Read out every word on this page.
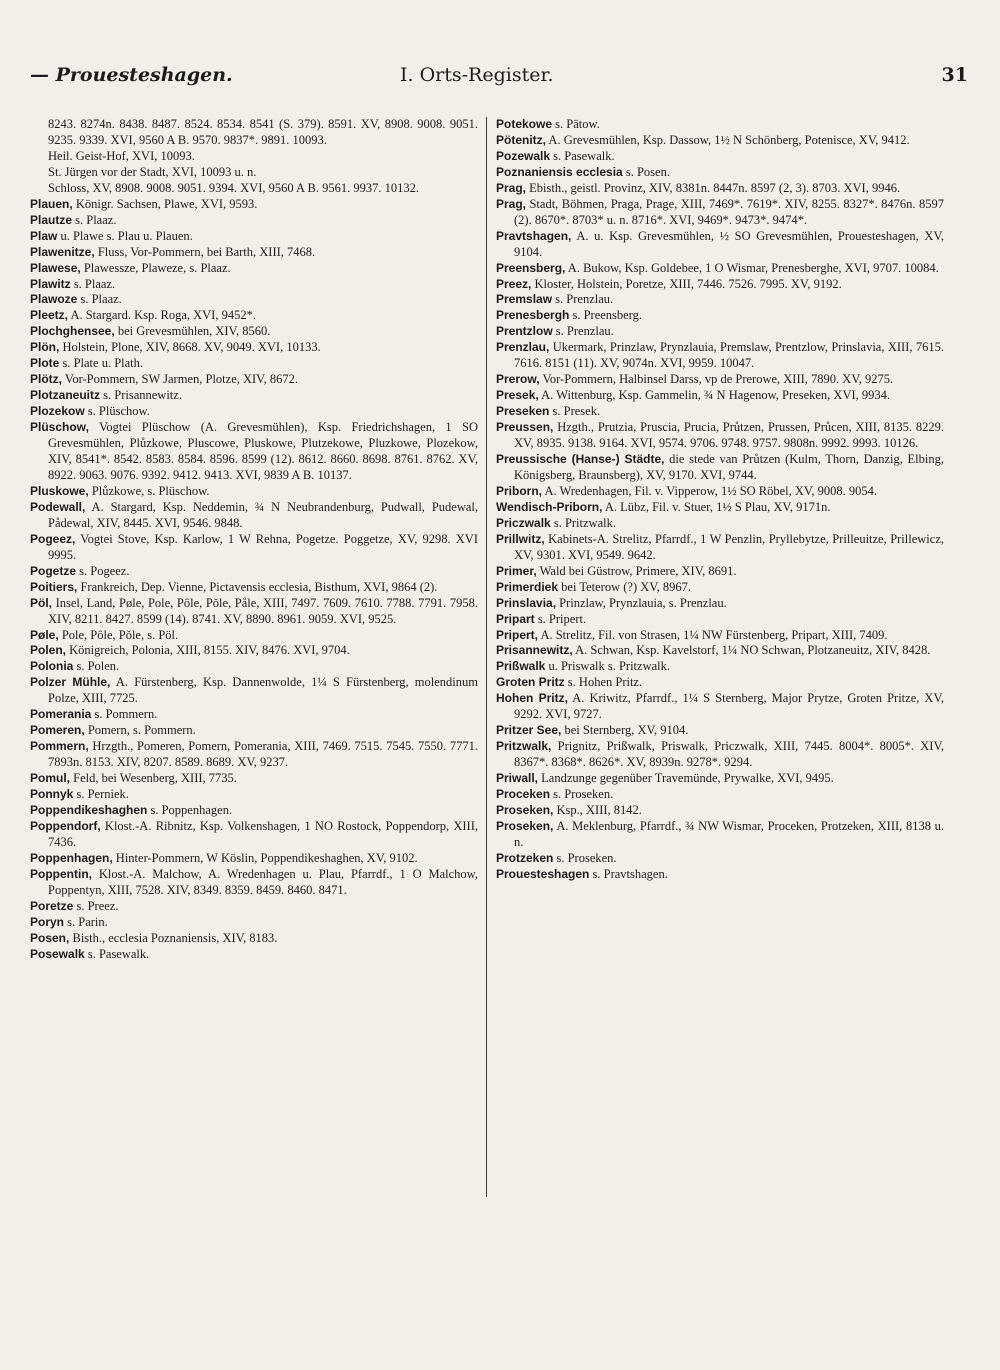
— Prouesteshagen.	I. Orts-Register.	31
8243. 8274n. 8438. 8487. 8524. 8534. 8541 (S. 379). 8591. XV, 8908. 9008. 9051. 9235. 9339. XVI, 9560 A B. 9570. 9837*. 9891. 10093.
Heil. Geist-Hof, XVI, 10093.
St. Jürgen vor der Stadt, XVI, 10093 u. n.
Schloss, XV, 8908. 9008. 9051. 9394. XVI, 9560 A B. 9561. 9937. 10132.
Plauen, Königr. Sachsen, Plawe, XVI, 9593.
Plautze s. Plaaz.
Plaw u. Plawe s. Plau u. Plauen.
Plawenitze, Fluss, Vor-Pommern, bei Barth, XIII, 7468.
Plawese, Plawessze, Plaweze, s. Plaaz.
Plawitz s. Plaaz.
Plawoze s. Plaaz.
Pleetz, A. Stargard. Ksp. Roga, XVI, 9452*.
Plochghensee, bei Grevesmühlen, XIV, 8560.
Plön, Holstein, Plone, XIV, 8668. XV, 9049. XVI, 10133.
Plote s. Plate u. Plath.
Plötz, Vor-Pommern, SW Jarmen, Plotze, XIV, 8672.
Plotzaneuitz s. Prisannewitz.
Plozekow s. Plüschow.
Plüschow, Vogtei Plüschow (A. Grevesmühlen), Ksp. Friedrichshagen, 1 SO Grevesmühlen, Plůzkowe, Pluscowe, Pluskowe, Plutzekowe, Pluzkowe, Plozekow, XIV, 8541*. 8542. 8583. 8584. 8596. 8599 (12). 8612. 8660. 8698. 8761. 8762. XV, 8922. 9063. 9076. 9392. 9412. 9413. XVI, 9839 A B. 10137.
Pluskowe, Plůzkowe, s. Plüschow.
Podewall, A. Stargard, Ksp. Neddemin, ¾ N Neubrandenburg, Pudwall, Pudewal, Pådewal, XIV, 8445. XVI, 9546. 9848.
Pogeez, Vogtei Stove, Ksp. Karlow, 1 W Rehna, Pogetze. Poggetze, XV, 9298. XVI 9995.
Pogetze s. Pogeez.
Poitiers, Frankreich, Dep. Vienne, Pictavensis ecclesia, Bisthum, XVI, 9864 (2).
Pöl, Insel, Land, Pøle, Pole, Pôle, Pǒle, Påle, XIII, 7497. 7609. 7610. 7788. 7791. 7958. XIV, 8211. 8427. 8599 (14). 8741. XV, 8890. 8961. 9059. XVI, 9525.
Pøle, Pole, Pôle, Pǒle, s. Pöl.
Polen, Königreich, Polonia, XIII, 8155. XIV, 8476. XVI, 9704.
Polonia s. Polen.
Polzer Mühle, A. Fürstenberg, Ksp. Dannenwolde, 1¼ S Fürstenberg, molendinum Polze, XIII, 7725.
Pomerania s. Pommern.
Pomeren, Pomern, s. Pommern.
Pommern, Hrzgth., Pomeren, Pomern, Pomerania, XIII, 7469. 7515. 7545. 7550. 7771. 7893n. 8153. XIV, 8207. 8589. 8689. XV, 9237.
Pomul, Feld, bei Wesenberg, XIII, 7735.
Ponnyk s. Perniek.
Poppendikeshaghen s. Poppenhagen.
Poppendorf, Klost.-A. Ribnitz, Ksp. Volkenshagen, 1 NO Rostock, Poppendorp, XIII, 7436.
Poppenhagen, Hinter-Pommern, W Köslin, Poppendikeshaghen, XV, 9102.
Poppentin, Klost.-A. Malchow, A. Wredenhagen u. Plau, Pfarrdf., 1 O Malchow, Poppentyn, XIII, 7528. XIV, 8349. 8359. 8459. 8460. 8471.
Poretze s. Preez.
Poryn s. Parin.
Posen, Bisth., ecclesia Poznaniensis, XIV, 8183.
Posewalk s. Pasewalk.
Potekowe s. Pätow.
Pötenitz, A. Grevesmühlen, Ksp. Dassow, 1½ N Schönberg, Potenisce, XV, 9412.
Pozewalk s. Pasewalk.
Poznaniensis ecclesia s. Posen.
Prag, Ebisth., geistl. Provinz, XIV, 8381n. 8447n. 8597 (2, 3). 8703. XVI, 9946.
Prag, Stadt, Böhmen, Praga, Prage, XIII, 7469*. 7619*. XIV, 8255. 8327*. 8476n. 8597 (2). 8670*. 8703* u. n. 8716*. XVI, 9469*. 9473*. 9474*.
Pravtshagen, A. u. Ksp. Grevesmühlen, ½ SO Grevesmühlen, Prouesteshagen, XV, 9104.
Preensberg, A. Bukow, Ksp. Goldebee, 1 O Wismar, Prenesberghe, XVI, 9707. 10084.
Preez, Kloster, Holstein, Poretze, XIII, 7446. 7526. 7995. XV, 9192.
Premslaw s. Prenzlau.
Prenesbergh s. Preensberg.
Prentzlow s. Prenzlau.
Prenzlau, Ukermark, Prinzlaw, Prynzlauia, Premslaw, Prentzlow, Prinslavia, XIII, 7615. 7616. 8151 (11). XV, 9074n. XVI, 9959. 10047.
Prerow, Vor-Pommern, Halbinsel Darss, vp de Prerowe, XIII, 7890. XV, 9275.
Presek, A. Wittenburg, Ksp. Gammelin, ¾ N Hagenow, Preseken, XVI, 9934.
Preseken s. Presek.
Preussen, Hzgth., Prutzia, Pruscia, Prucia, Průtzen, Prussen, Průcen, XIII, 8135. 8229. XV, 8935. 9138. 9164. XVI, 9574. 9706. 9748. 9757. 9808n. 9992. 9993. 10126.
Preussische (Hanse-) Städte, die stede van Průtzen (Kulm, Thorn, Danzig, Elbing, Königsberg, Braunsberg), XV, 9170. XVI, 9744.
Priborn, A. Wredenhagen, Fil. v. Vipperow, 1½ SO Röbel, XV, 9008. 9054.
Wendisch-Priborn, A. Lübz, Fil. v. Stuer, 1½ S Plau, XV, 9171n.
Priczwalk s. Pritzwalk.
Prillwitz, Kabinets-A. Strelitz, Pfarrdf., 1 W Penzlin, Pryllebytze, Prilleuitze, Prillewicz, XV, 9301. XVI, 9549. 9642.
Primer, Wald bei Güstrow, Primere, XIV, 8691.
Primerdiek bei Teterow (?) XV, 8967.
Prinslavia, Prinzlaw, Prynzlauia, s. Prenzlau.
Pripart s. Pripert.
Pripert, A. Strelitz, Fil. von Strasen, 1¼ NW Fürstenberg, Pripart, XIII, 7409.
Prisannewitz, A. Schwan, Ksp. Kavelstorf, 1¼ NO Schwan, Plotzaneuitz, XIV, 8428.
Prißwalk u. Priswalk s. Pritzwalk.
Groten Pritz s. Hohen Pritz.
Hohen Pritz, A. Kriwitz, Pfarrdf., 1¼ S Sternberg, Major Prytze, Groten Pritze, XV, 9292. XVI, 9727.
Pritzer See, bei Sternberg, XV, 9104.
Pritzwalk, Prignitz, Prißwalk, Priswalk, Priczwalk, XIII, 7445. 8004*. 8005*. XIV, 8367*. 8368*. 8626*. XV, 8939n. 9278*. 9294.
Priwall, Landzunge gegenüber Travemünde, Prywalke, XVI, 9495.
Proceken s. Proseken.
Proseken, Ksp., XIII, 8142.
Proseken, A. Meklenburg, Pfarrdf., ¾ NW Wismar, Proceken, Protzeken, XIII, 8138 u. n.
Protzeken s. Proseken.
Prouesteshagen s. Pravtshagen.
